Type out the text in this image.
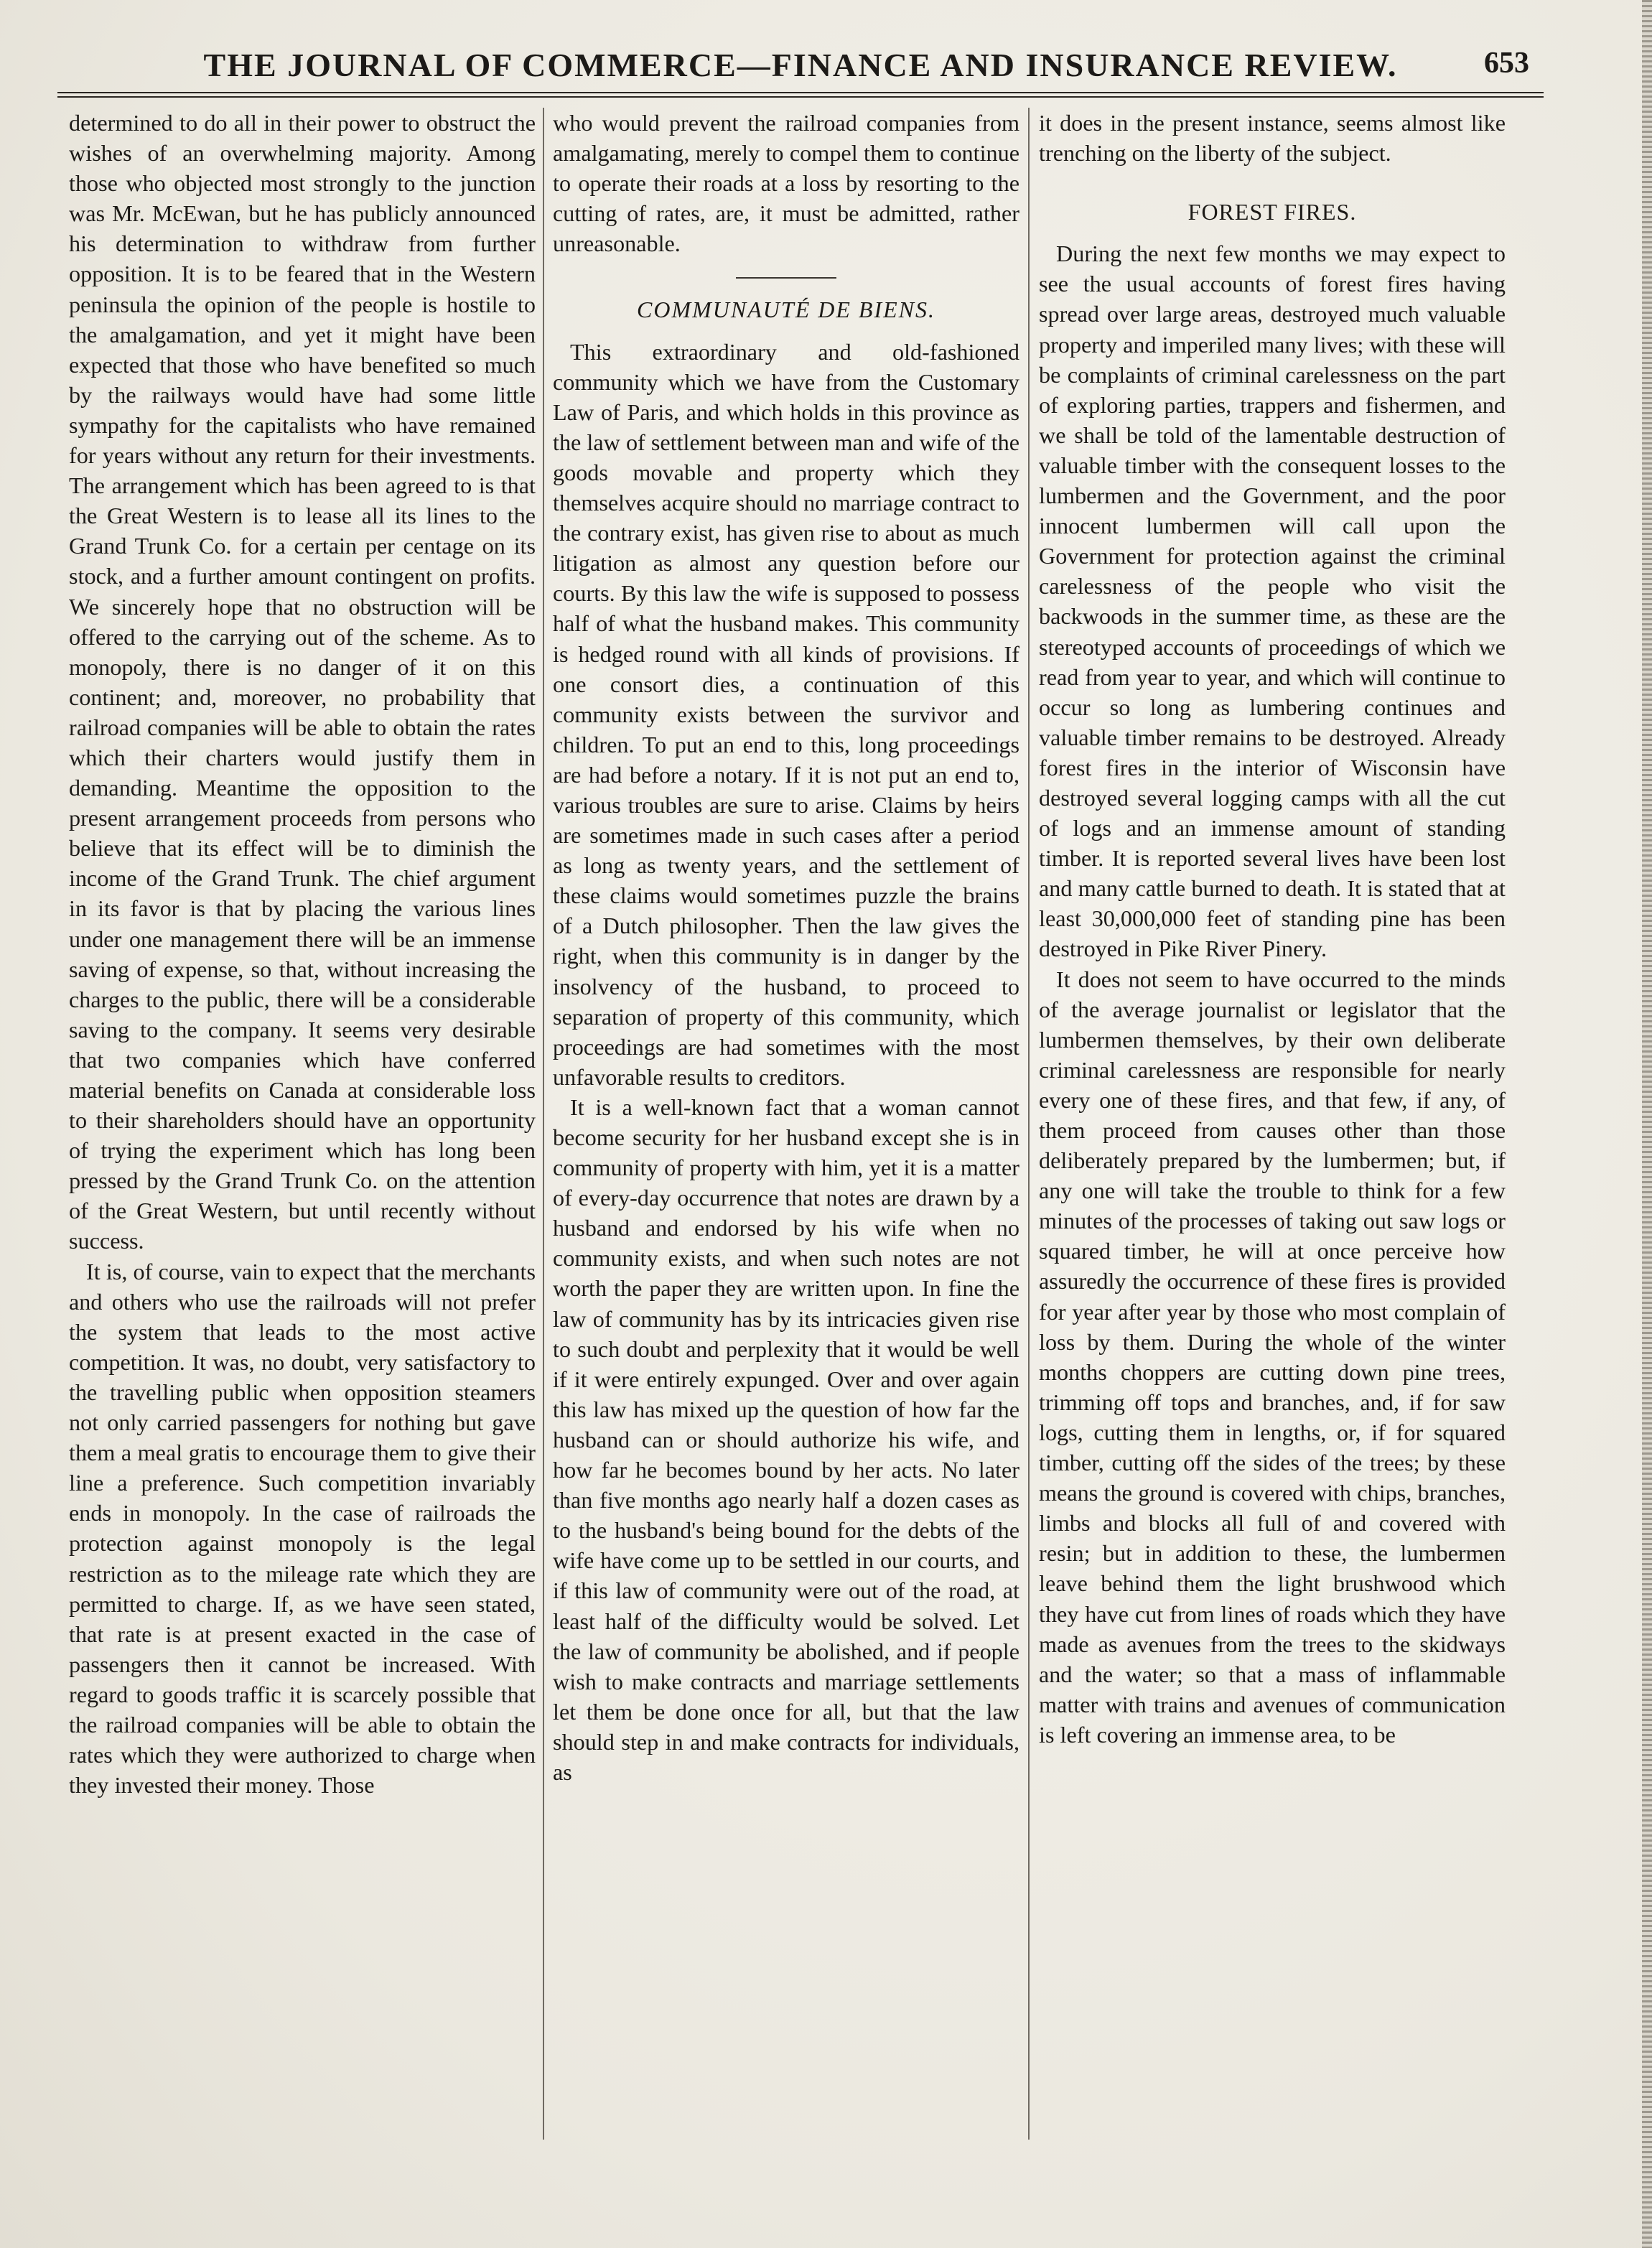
THE JOURNAL OF COMMERCE—FINANCE AND INSURANCE REVIEW.	653

determined to do all in their power to obstruct the wishes of an overwhelming majority. Among those who objected most strongly to the junction was Mr. McEwan, but he has publicly announced his determination to withdraw from further opposition. It is to be feared that in the Western peninsula the opinion of the people is hostile to the amalgamation, and yet it might have been expected that those who have benefited so much by the railways would have had some little sympathy for the capitalists who have remained for years without any return for their investments. The arrangement which has been agreed to is that the Great Western is to lease all its lines to the Grand Trunk Co. for a certain per centage on its stock, and a further amount contingent on profits. We sincerely hope that no obstruction will be offered to the carrying out of the scheme. As to monopoly, there is no danger of it on this continent; and, moreover, no probability that railroad companies will be able to obtain the rates which their charters would justify them in demanding. Meantime the opposition to the present arrangement proceeds from persons who believe that its effect will be to diminish the income of the Grand Trunk. The chief argument in its favor is that by placing the various lines under one management there will be an immense saving of expense, so that, without increasing the charges to the public, there will be a considerable saving to the company. It seems very desirable that two companies which have conferred material benefits on Canada at considerable loss to their shareholders should have an opportunity of trying the experiment which has long been pressed by the Grand Trunk Co. on the attention of the Great Western, but until recently without success.

It is, of course, vain to expect that the merchants and others who use the railroads will not prefer the system that leads to the most active competition. It was, no doubt, very satisfactory to the travelling public when opposition steamers not only carried passengers for nothing but gave them a meal gratis to encourage them to give their line a preference. Such competition invariably ends in monopoly. In the case of railroads the protection against monopoly is the legal restriction as to the mileage rate which they are permitted to charge. If, as we have seen stated, that rate is at present exacted in the case of passengers then it cannot be increased. With regard to goods traffic it is scarcely possible that the railroad companies will be able to obtain the rates which they were authorized to charge when they invested their money. Those

who would prevent the railroad companies from amalgamating, merely to compel them to continue to operate their roads at a loss by resorting to the cutting of rates, are, it must be admitted, rather unreasonable.

COMMUNAUTÉ DE BIENS.

This extraordinary and old-fashioned community which we have from the Customary Law of Paris, and which holds in this province as the law of settlement between man and wife of the goods movable and property which they themselves acquire should no marriage contract to the contrary exist, has given rise to about as much litigation as almost any question before our courts. By this law the wife is supposed to possess half of what the husband makes. This community is hedged round with all kinds of provisions. If one consort dies, a continuation of this community exists between the survivor and children. To put an end to this, long proceedings are had before a notary. If it is not put an end to, various troubles are sure to arise. Claims by heirs are sometimes made in such cases after a period as long as twenty years, and the settlement of these claims would sometimes puzzle the brains of a Dutch philosopher. Then the law gives the right, when this community is in danger by the insolvency of the husband, to proceed to separation of property of this community, which proceedings are had sometimes with the most unfavorable results to creditors.

It is a well-known fact that a woman cannot become security for her husband except she is in community of property with him, yet it is a matter of every-day occurrence that notes are drawn by a husband and endorsed by his wife when no community exists, and when such notes are not worth the paper they are written upon. In fine the law of community has by its intricacies given rise to such doubt and perplexity that it would be well if it were entirely expunged. Over and over again this law has mixed up the question of how far the husband can or should authorize his wife, and how far he becomes bound by her acts. No later than five months ago nearly half a dozen cases as to the husband's being bound for the debts of the wife have come up to be settled in our courts, and if this law of community were out of the road, at least half of the difficulty would be solved. Let the law of community be abolished, and if people wish to make contracts and marriage settlements let them be done once for all, but that the law should step in and make contracts for individuals, as

it does in the present instance, seems almost like trenching on the liberty of the subject.

FOREST FIRES.

During the next few months we may expect to see the usual accounts of forest fires having spread over large areas, destroyed much valuable property and imperiled many lives; with these will be complaints of criminal carelessness on the part of exploring parties, trappers and fishermen, and we shall be told of the lamentable destruction of valuable timber with the consequent losses to the lumbermen and the Government, and the poor innocent lumbermen will call upon the Government for protection against the criminal carelessness of the people who visit the backwoods in the summer time, as these are the stereotyped accounts of proceedings of which we read from year to year, and which will continue to occur so long as lumbering continues and valuable timber remains to be destroyed. Already forest fires in the interior of Wisconsin have destroyed several logging camps with all the cut of logs and an immense amount of standing timber. It is reported several lives have been lost and many cattle burned to death. It is stated that at least 30,000,000 feet of standing pine has been destroyed in Pike River Pinery.

It does not seem to have occurred to the minds of the average journalist or legislator that the lumbermen themselves, by their own deliberate criminal carelessness are responsible for nearly every one of these fires, and that few, if any, of them proceed from causes other than those deliberately prepared by the lumbermen; but, if any one will take the trouble to think for a few minutes of the processes of taking out saw logs or squared timber, he will at once perceive how assuredly the occurrence of these fires is provided for year after year by those who most complain of loss by them. During the whole of the winter months choppers are cutting down pine trees, trimming off tops and branches, and, if for saw logs, cutting them in lengths, or, if for squared timber, cutting off the sides of the trees; by these means the ground is covered with chips, branches, limbs and blocks all full of and covered with resin; but in addition to these, the lumbermen leave behind them the light brushwood which they have cut from lines of roads which they have made as avenues from the trees to the skidways and the water; so that a mass of inflammable matter with trains and avenues of communication is left covering an immense area, to be
